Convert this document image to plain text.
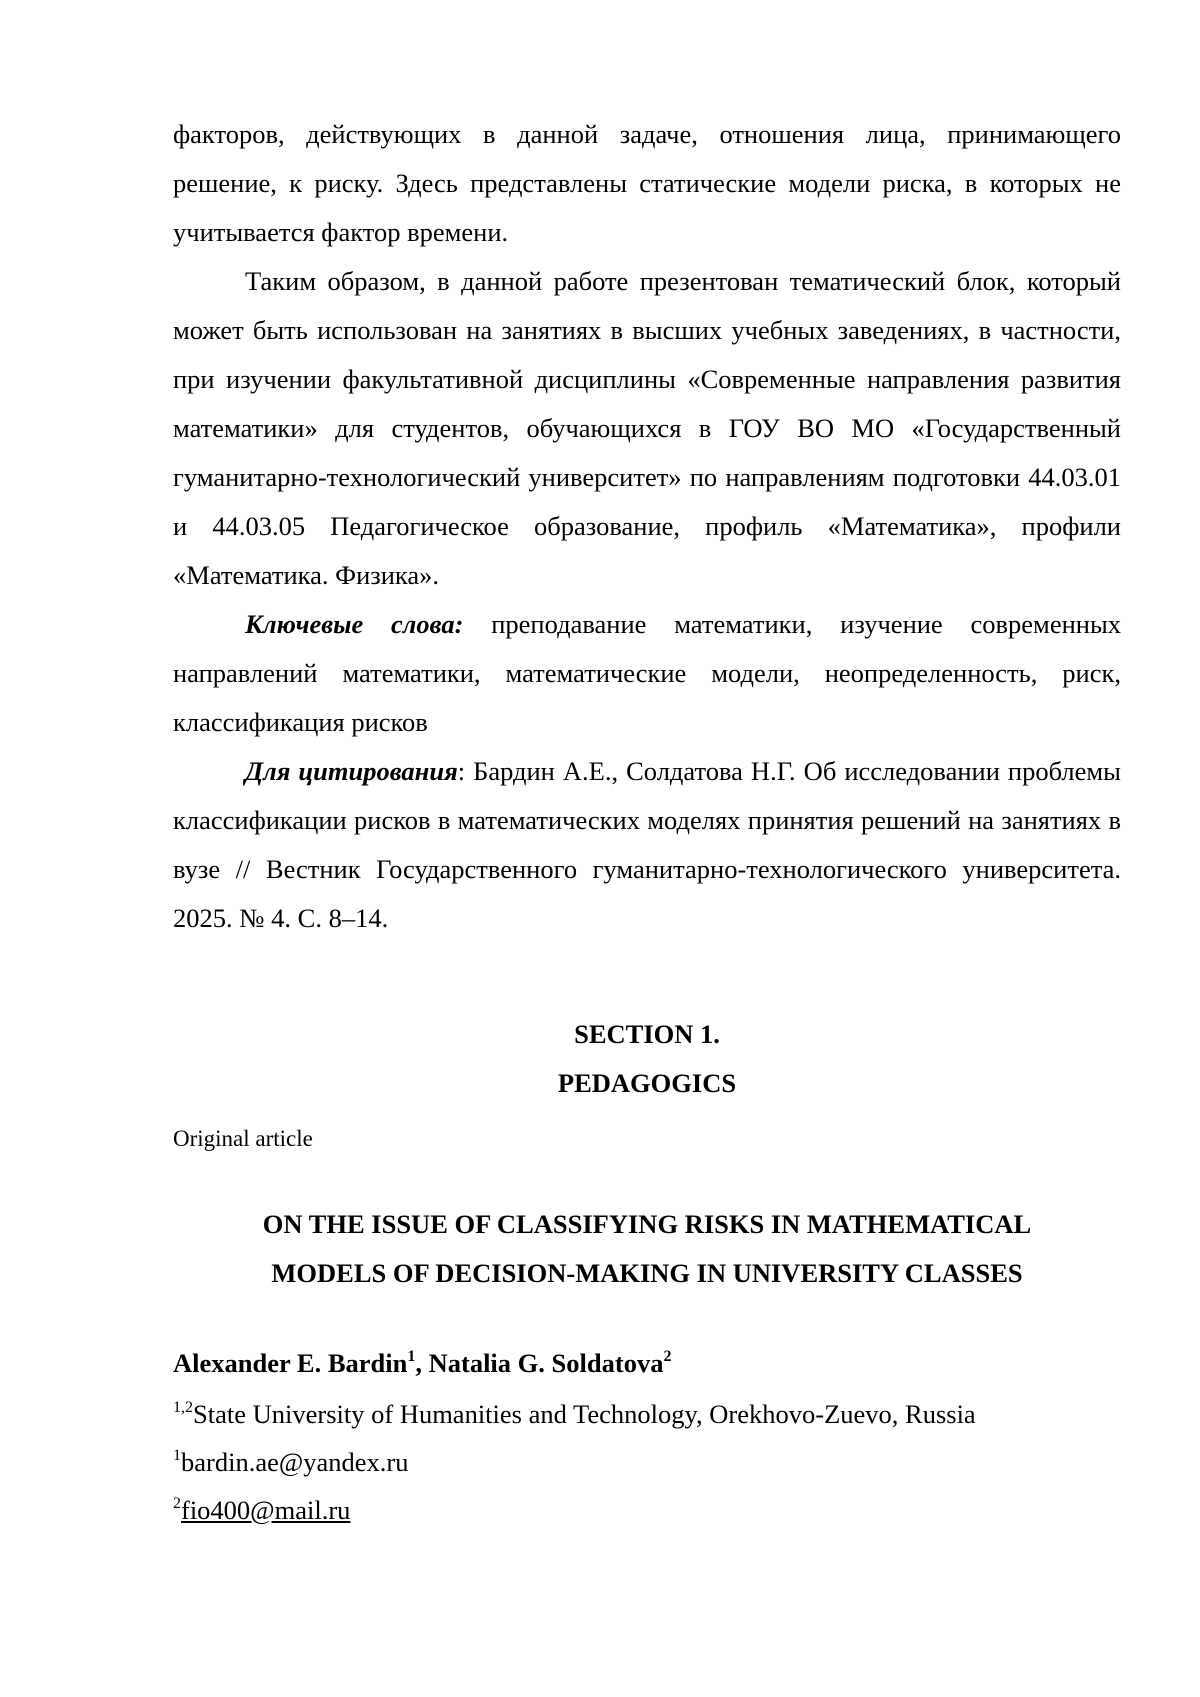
факторов, действующих в данной задаче, отношения лица, принимающего решение, к риску. Здесь представлены статические модели риска, в которых не учитывается фактор времени.

Таким образом, в данной работе презентован тематический блок, который может быть использован на занятиях в высших учебных заведениях, в частности, при изучении факультативной дисциплины «Современные направления развития математики» для студентов, обучающихся в ГОУ ВО МО «Государственный гуманитарно-технологический университет» по направлениям подготовки 44.03.01 и 44.03.05 Педагогическое образование, профиль «Математика», профили «Математика. Физика».

Ключевые слова: преподавание математики, изучение современных направлений математики, математические модели, неопределенность, риск, классификация рисков

Для цитирования: Бардин А.Е., Солдатова Н.Г. Об исследовании проблемы классификации рисков в математических моделях принятия решений на занятиях в вузе // Вестник Государственного гуманитарно-технологического университета. 2025. № 4. С. 8–14.

SECTION 1.
PEDAGOGICS
Original article
ON THE ISSUE OF CLASSIFYING RISKS IN MATHEMATICAL
MODELS OF DECISION-MAKING IN UNIVERSITY CLASSES
Alexander E. Bardin$^1$, Natalia G. Soldatova$^2$
$^{1,2}$State University of Humanities and Technology, Orekhovo-Zuevo, Russia
$^1$bardin.ae@yandex.ru
$^2$fio400@mail.ru
